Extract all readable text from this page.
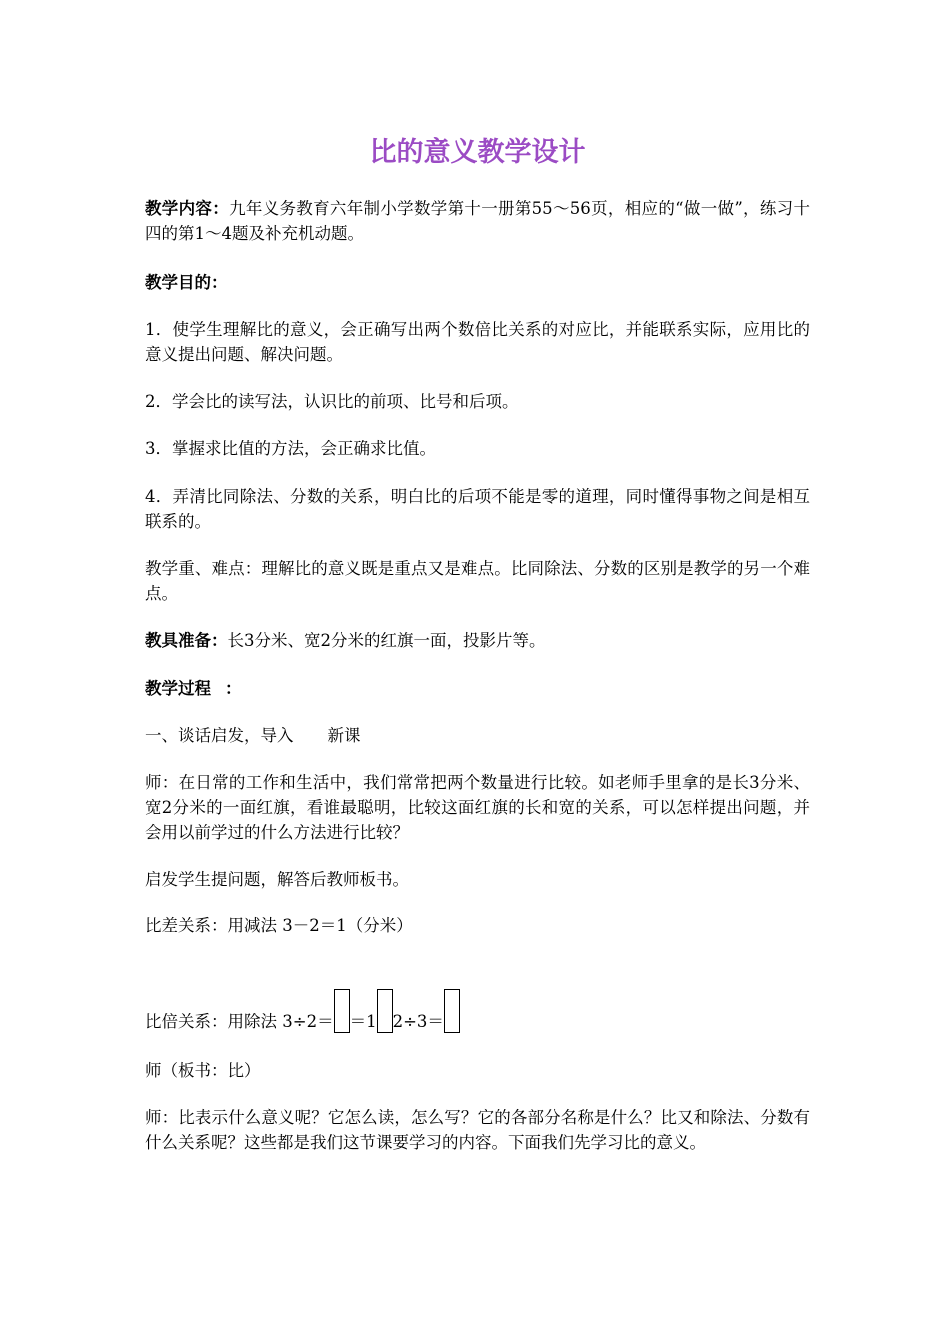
比的意义教学设计

教学内容：九年义务教育六年制小学数学第十一册第55～56页，相应的“做一做”，练习十四的第1～4题及补充机动题。

教学目的：

1．使学生理解比的意义，会正确写出两个数倍比关系的对应比，并能联系实际，应用比的意义提出问题、解决问题。

2．学会比的读写法，认识比的前项、比号和后项。

3．掌握求比值的方法，会正确求比值。

4．弄清比同除法、分数的关系，明白比的后项不能是零的道理，同时懂得事物之间是相互联系的。

教学重、难点：理解比的意义既是重点又是难点。比同除法、分数的区别是教学的另一个难点。

教具准备：长3分米、宽2分米的红旗一面，投影片等。

教学过程 ：

一、谈话启发，导入 新课

师：在日常的工作和生活中，我们常常把两个数量进行比较。如老师手里拿的是长3分米、宽2分米的一面红旗，看谁最聪明，比较这面红旗的长和宽的关系，可以怎样提出问题，并会用以前学过的什么方法进行比较？

启发学生提问题，解答后教师板书。

比差关系：用减法 3－2＝1（分米）

比倍关系：用除法 3÷2＝ ＝1 2÷3＝

师（板书：比）

师：比表示什么意义呢？它怎么读，怎么写？它的各部分名称是什么？比又和除法、分数有什么关系呢？这些都是我们这节课要学习的内容。下面我们先学习比的意义。
